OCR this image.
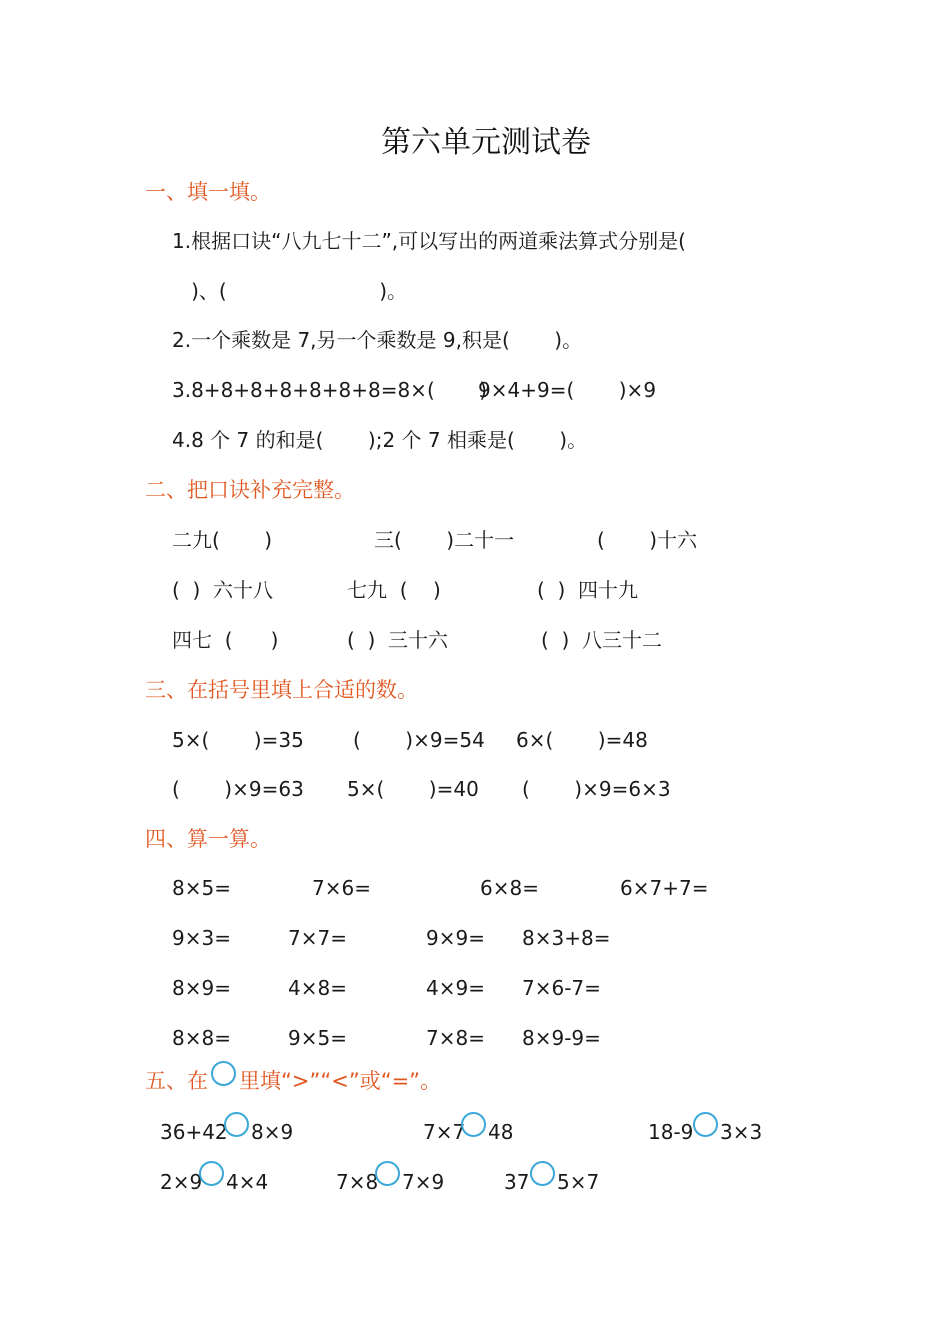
第六单元测试卷
一、填一填。
1.根据口诀“八九七十二”,可以写出的两道乘法算式分别是(
)、(                        )。
2.一个乘数是 7,另一个乘数是 9,积是(       )。
3.8+8+8+8+8+8+8=8×(       )
9×4+9=(       )×9
4.8 个 7 的和是(       );2 个 7 相乘是(       )。
二、把口诀补充完整。
二九(       )	三(       )二十一	(       )十六
(  )  六十八	七九  (    )	(  )  四十九
四七  (      )	(  )  三十六	(  )  八三十二
三、在括号里填上合适的数。
5×(       )=35 (       )×9=54 6×(       )=48
(       )×9=63 5×(       )=40 (       )×9=6×3
四、算一算。
8×5=	7×6=	6×8=	6×7+7=
9×3=	7×7=	9×9= 8×3+8=
8×9=	4×8=	4×9= 7×6-7=
8×8=	9×5=	7×8= 8×9-9=
五、在 里填“>”“<”或“=”。
36+42 8×9	7×7 48	18-9 3×3
2×9 4×4	7×8 7×9	37 5×7
